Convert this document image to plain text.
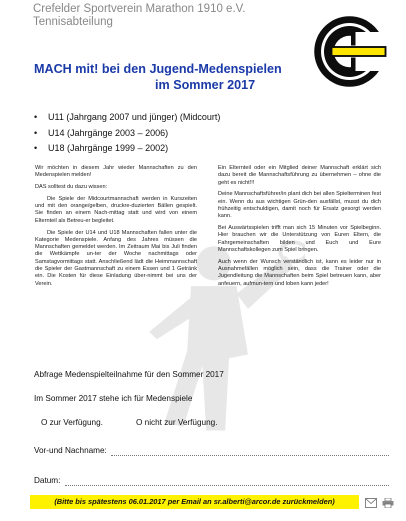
Crefelder Sportverein Marathon 1910 e.V.
Tennisabteilung
MACH mit! bei den Jugend-Medenspielen
im Sommer 2017
• U11 (Jahrgang 2007 und jünger) (Midcourt)
• U14 (Jahrgänge 2003 – 2006)
• U18 (Jahrgänge 1999 – 2002)

Wir möchten in diesem Jahr wieder Mannschaften zu den Medenspielen melden!

DAS solltest du dazu wissen:

Die Spiele der Midcourtmannschaft werden in Kurszeiten und mit den orange/gelben, druckre-duzierten Bällen gespielt. Sie finden an einem Nach-mittag statt und wird von einem Elternteil als Betreu-er begleitet.

Die Spiele der U14 und U18 Mannschaften fallen unter die Kategorie Medenspiele. Anfang des Jahres müssen die Mannschaften gemeldet werden. Im Zeitraum Mai bis Juli finden die Wettkämpfe un-ter der Woche nachmittags oder Samstagvormittags statt. Anschließend lädt die Heimmannschaft die Spieler der Gastmannschaft zu einem Essen und 1 Getränk ein. Die Kosten für diese Einladung über-nimmt bei uns der Verein.

Ein Elternteil oder ein Mitglied deiner Mannschaft erklärt sich dazu bereit die Mannschaftsführung zu übernehmen – ohne die geht es nicht!!!

Deine Mannschaftsführer/in plant dich bei allen Spielterminen fest ein. Wenn du aus wichtigen Grün-den ausfällst, musst du dich frühzeitig entschuldigen, damit noch für Ersatz gesorgt werden kann.

Bei Auswärtsspielen trifft man sich 15 Minuten vor Spielbeginn. Hier brauchen wir die Unterstützung von Euren Eltern, die Fahrgemeinschaften bilden und Euch und Eure Mannschaftskollegen zum Spiel bringen.

Auch wenn der Wunsch verständlich ist, kann es leider nur in Ausnahmefällen möglich sein, dass die Trainer oder die Jugendleitung die Mannschaften beim Spiel betreuen kann, aber anfeuern, aufmun-tern und loben kann jeder!

Abfrage Medenspielteilnahme für den Sommer 2017
Im Sommer 2017 stehe ich für Medenspiele
O zur Verfügung.	O nicht zur Verfügung.
Vor-und Nachname:
Datum:
(Bitte bis spätestens 06.01.2017 per Email an sr.alberti@arcor.de zurückmelden)
